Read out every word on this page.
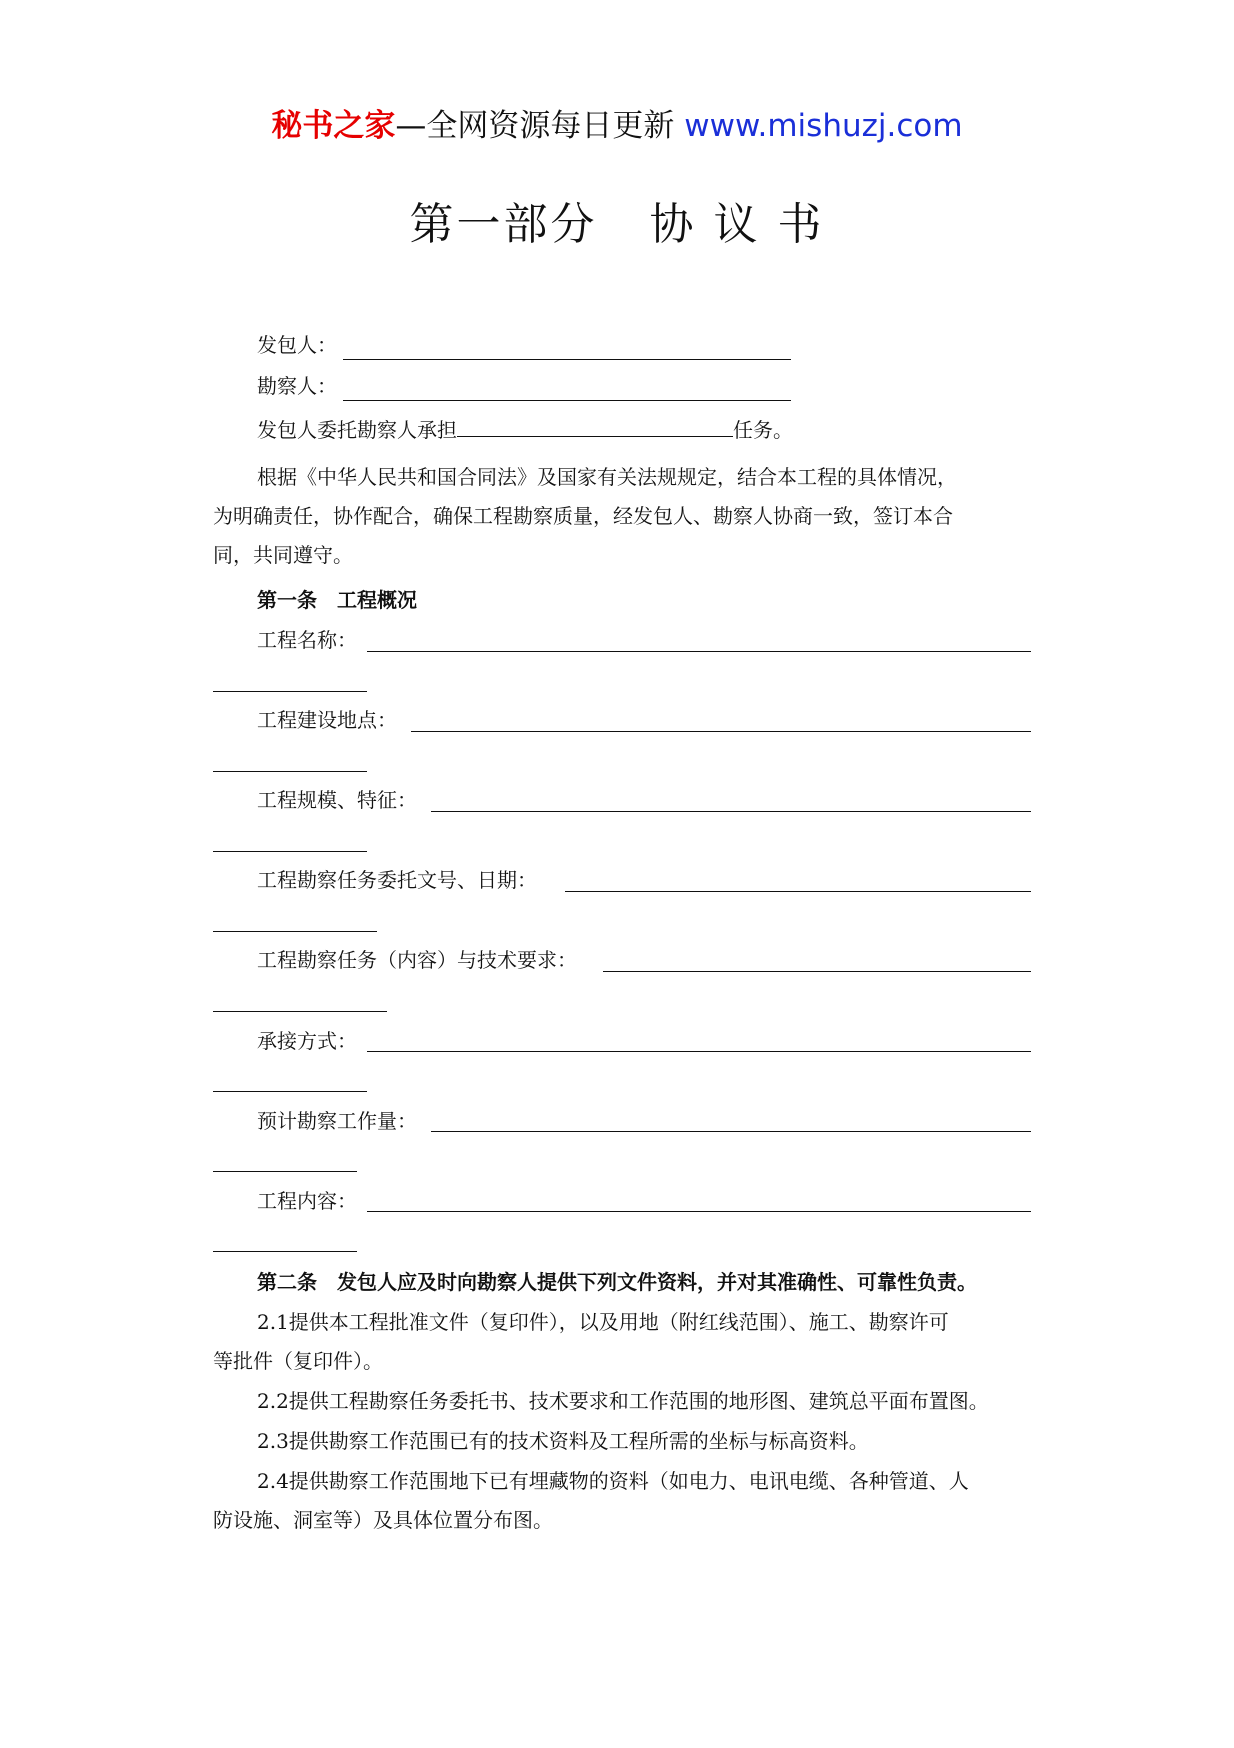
秘书之家—全网资源每日更新 www.mishuzj.com
第一部分 协 议 书
发包人：
勘察人：
发包人委托勘察人承担	任务。
根据《中华人民共和国合同法》及国家有关法规规定，结合本工程的具体情况，
为明确责任，协作配合，确保工程勘察质量，经发包人、勘察人协商一致，签订本合
同，共同遵守。
第一条　工程概况
工程名称：
工程建设地点：
工程规模、特征：
工程勘察任务委托文号、日期：
工程勘察任务（内容）与技术要求：
承接方式：
预计勘察工作量：
工程内容：
第二条　发包人应及时向勘察人提供下列文件资料，并对其准确性、可靠性负责。
2.1提供本工程批准文件（复印件），以及用地（附红线范围）、施工、勘察许可
等批件（复印件）。
2.2提供工程勘察任务委托书、技术要求和工作范围的地形图、建筑总平面布置图。
2.3提供勘察工作范围已有的技术资料及工程所需的坐标与标高资料。
2.4提供勘察工作范围地下已有埋藏物的资料（如电力、电讯电缆、各种管道、人
防设施、洞室等）及具体位置分布图。
